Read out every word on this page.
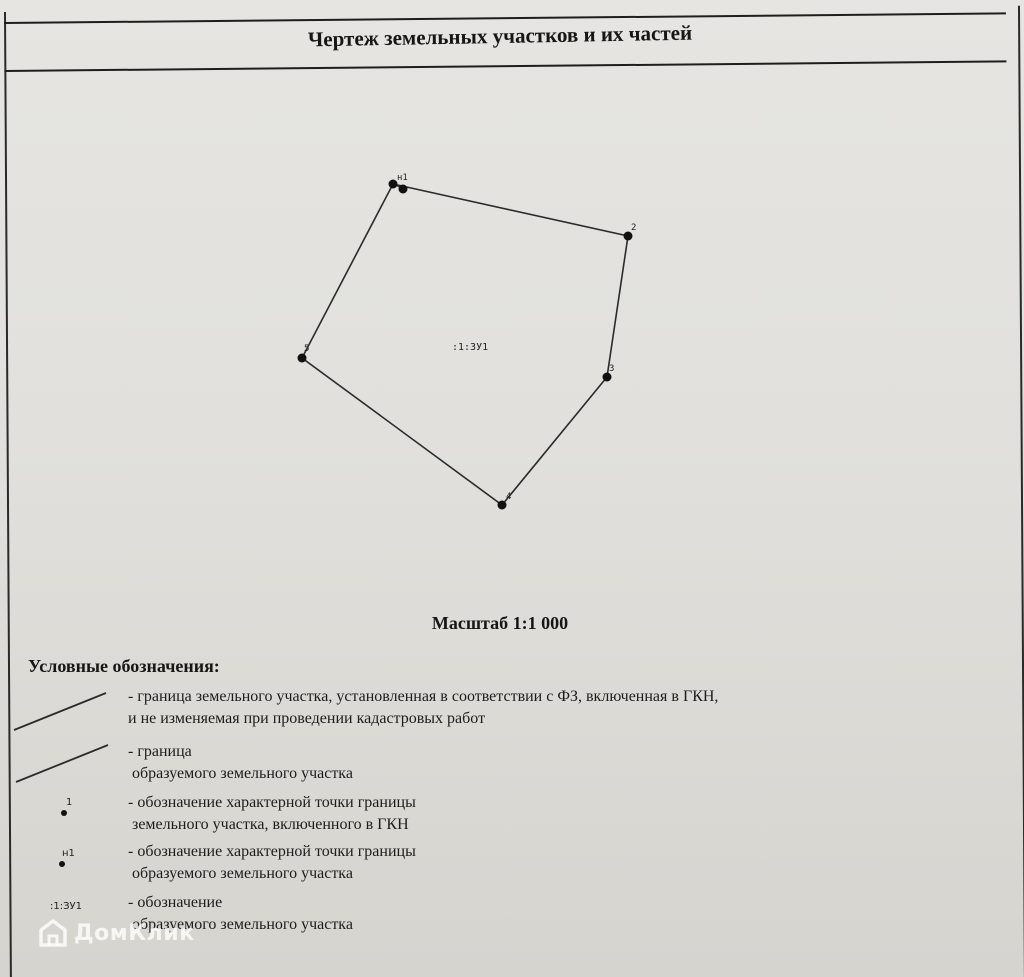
Чертеж земельных участков и их частей
н1
2
3
4
5	:1:ЗУ1
Масштаб 1:1 000
Условные обозначения:
- граница земельного участка, установленная в соответствии с ФЗ, включенная в ГКН,
и не изменяемая при проведении кадастровых работ
- граница
образуемого земельного участка
1	- обозначение характерной точки границы
земельного участка, включенного в ГКН
н1	- обозначение характерной точки границы
образуемого земельного участка
:1:ЗУ1	- обозначение
образуемого земельного участка
ДомКлик
